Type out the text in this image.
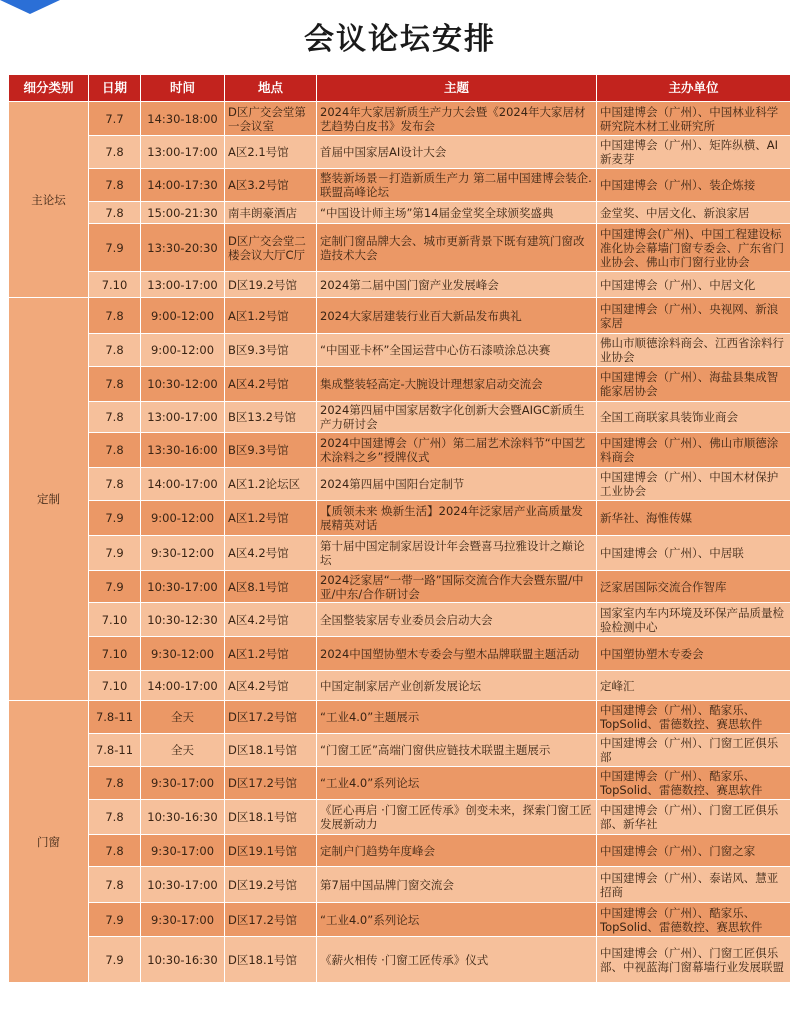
会议论坛安排
细分类别	日期	时间	地点	主题	主办单位
主论坛	7.7	14:30-18:00	D区广交会堂第一会议室	2024年大家居新质生产力大会暨《2024年大家居材艺趋势白皮书》发布会	中国建博会（广州）、中国林业科学研究院木材工业研究所
	7.8	13:00-17:00	A区2.1号馆	首届中国家居AI设计大会	中国建博会（广州）、矩阵纵横、AI新麦芽
	7.8	14:00-17:30	A区3.2号馆	整装新场景－打造新质生产力 第二届中国建博会装企.联盟高峰论坛	中国建博会（广州）、装企炼接
	7.8	15:00-21:30	南丰朗豪酒店	“中国设计师主场”第14届金堂奖全球颁奖盛典	金堂奖、中居文化、新浪家居
	7.9	13:30-20:30	D区广交会堂二楼会议大厅C厅	定制门窗品牌大会、城市更新背景下既有建筑门窗改造技术大会	中国建博会(广州)、中国工程建设标准化协会幕墙门窗专委会、广东省门业协会、佛山市门窗行业协会
	7.10	13:00-17:00	D区19.2号馆	2024第二届中国门窗产业发展峰会	中国建博会（广州）、中居文化
定制	7.8	9:00-12:00	A区1.2号馆	2024大家居建装行业百大新品发布典礼	中国建博会（广州）、央视网、新浪家居
	7.8	9:00-12:00	B区9.3号馆	“中国亚卡杯”全国运营中心仿石漆喷涂总决赛	佛山市顺德涂料商会、江西省涂料行业协会
	7.8	10:30-12:00	A区4.2号馆	集成整装轻高定-大腕设计理想家启动交流会	中国建博会（广州）、海盐县集成智能家居协会
	7.8	13:00-17:00	B区13.2号馆	2024第四届中国家居数字化创新大会暨AIGC新质生产力研讨会	全国工商联家具装饰业商会
	7.8	13:30-16:00	B区9.3号馆	2024中国建博会（广州）第二届艺术涂料节“中国艺术涂料之乡”授牌仪式	中国建博会（广州）、佛山市顺德涂料商会
	7.8	14:00-17:00	A区1.2论坛区	2024第四届中国阳台定制节	中国建博会（广州）、中国木材保护工业协会
	7.9	9:00-12:00	A区1.2号馆	【质领未来 焕新生活】2024年泛家居产业高质量发展精英对话	新华社、海惟传媒
	7.9	9:30-12:00	A区4.2号馆	第十届中国定制家居设计年会暨喜马拉雅设计之巅论坛	中国建博会（广州）、中居联
	7.9	10:30-17:00	A区8.1号馆	2024泛家居“一带一路”国际交流合作大会暨东盟/中亚/中东/合作研讨会	泛家居国际交流合作智库
	7.10	10:30-12:30	A区4.2号馆	全国整装家居专业委员会启动大会	国家室内车内环境及环保产品质量检验检测中心
	7.10	9:30-12:00	A区1.2号馆	2024中国塑协塑木专委会与塑木品牌联盟主题活动	中国塑协塑木专委会
	7.10	14:00-17:00	A区4.2号馆	中国定制家居产业创新发展论坛	定峰汇
门窗	7.8-11	全天	D区17.2号馆	“工业4.0”主题展示	中国建博会（广州）、酷家乐、TopSolid、雷德数控、赛思软件
	7.8-11	全天	D区18.1号馆	“门窗工匠”高端门窗供应链技术联盟主题展示	中国建博会（广州）、门窗工匠俱乐部
	7.8	9:30-17:00	D区17.2号馆	“工业4.0”系列论坛	中国建博会（广州）、酷家乐、TopSolid、雷德数控、赛思软件
	7.8	10:30-16:30	D区18.1号馆	《匠心再启 ·门窗工匠传承》创变未来，探索门窗工匠发展新动力	中国建博会（广州）、门窗工匠俱乐部、新华社
	7.8	9:30-17:00	D区19.1号馆	定制户门趋势年度峰会	中国建博会（广州）、门窗之家
	7.8	10:30-17:00	D区19.2号馆	第7届中国品牌门窗交流会	中国建博会（广州）、泰诺风、慧亚招商
	7.9	9:30-17:00	D区17.2号馆	“工业4.0”系列论坛	中国建博会（广州）、酷家乐、TopSolid、雷德数控、赛思软件
	7.9	10:30-16:30	D区18.1号馆	《薪火相传 ·门窗工匠传承》仪式	中国建博会（广州）、门窗工匠俱乐部、中视蓝海门窗幕墙行业发展联盟
